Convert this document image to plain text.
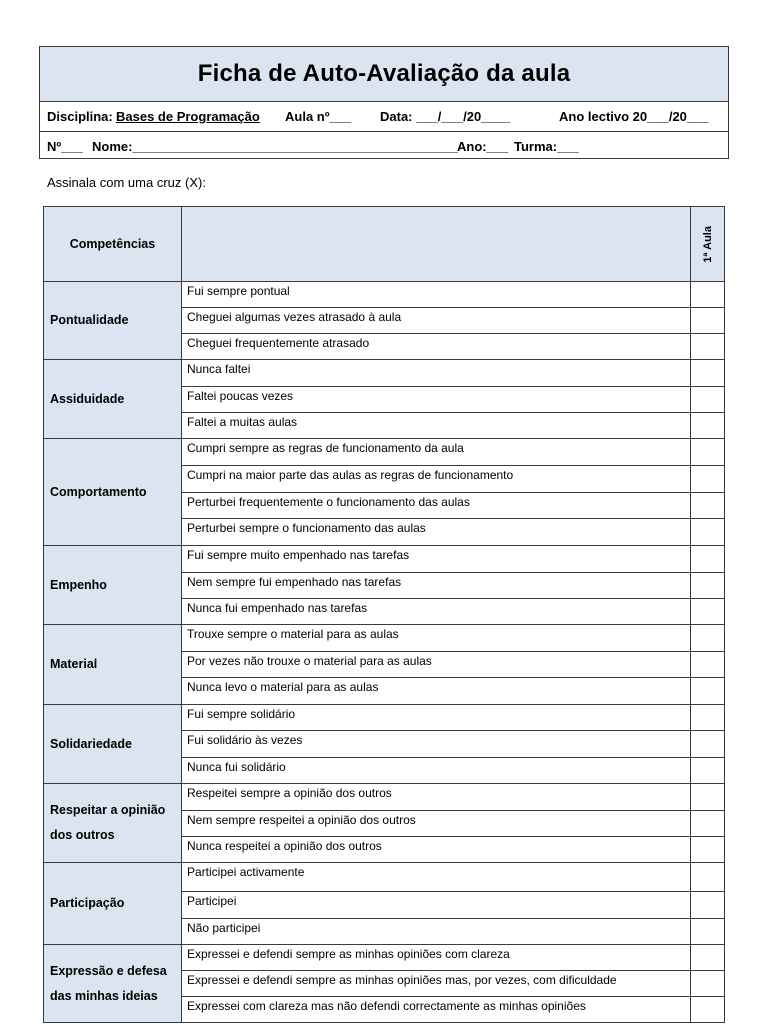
Ficha de Auto-Avaliação da aula
Disciplina: Bases de Programação Aula nº___ Data: ___/___/20____	Ano lectivo 20___/20___
Nº___ Nome:_____________________________________________ Ano:___ Turma:___
Assinala com uma cruz (X):
Competências		1ª Aula

Pontualidade	Fui sempre pontual	
	Cheguei algumas vezes atrasado à aula	
	Cheguei frequentemente atrasado	
Assiduidade	Nunca faltei	
	Faltei poucas vezes	
	Faltei a muitas aulas	
Comportamento	Cumpri sempre as regras de funcionamento da aula	
	Cumpri na maior parte das aulas as regras de funcionamento	
	Perturbei frequentemente o funcionamento das aulas	
	Perturbei sempre o funcionamento das aulas	
Empenho	Fui sempre muito empenhado nas tarefas	
	Nem sempre fui empenhado nas tarefas	
	Nunca fui empenhado nas tarefas	
Material	Trouxe sempre o material para as aulas	
	Por vezes não trouxe o material para as aulas	
	Nunca levo o material para as aulas	
Solidariedade	Fui sempre solidário	
	Fui solidário às vezes	
	Nunca fui solidário	
Respeitar a opinião dos outros	Respeitei sempre a opinião dos outros	
	Nem sempre respeitei a opinião dos outros	
	Nunca respeitei a opinião dos outros	
Participação	Participei activamente	
	Participei	
	Não participei	
Expressão e defesa das minhas ideias	Expressei e defendi sempre as minhas opiniões com clareza	
	Expressei e defendi sempre as minhas opiniões mas, por vezes, com dificuldade	
	Expressei com clareza mas não defendi correctamente as minhas opiniões	
